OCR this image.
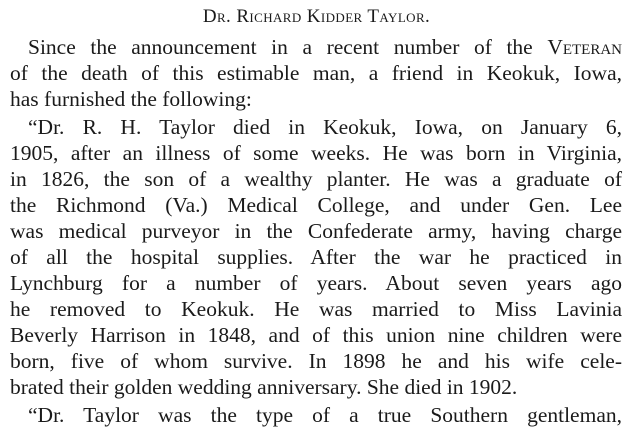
Dr. Richard Kidder Taylor.
Since the announcement in a recent number of the Veteran
of the death of this estimable man, a friend in Keokuk, Iowa,
has furnished the following:
“Dr. R. H. Taylor died in Keokuk, Iowa, on January 6,
1905, after an illness of some weeks. He was born in Virginia,
in 1826, the son of a wealthy planter. He was a graduate of
the Richmond (Va.) Medical College, and under Gen. Lee
was medical purveyor in the Confederate army, having charge
of all the hospital supplies. After the war he practiced in
Lynchburg for a number of years. About seven years ago
he removed to Keokuk. He was married to Miss Lavinia
Beverly Harrison in 1848, and of this union nine children were
born, five of whom survive. In 1898 he and his wife cele-
brated their golden wedding anniversary. She died in 1902.
“Dr. Taylor was the type of a true Southern gentleman,
